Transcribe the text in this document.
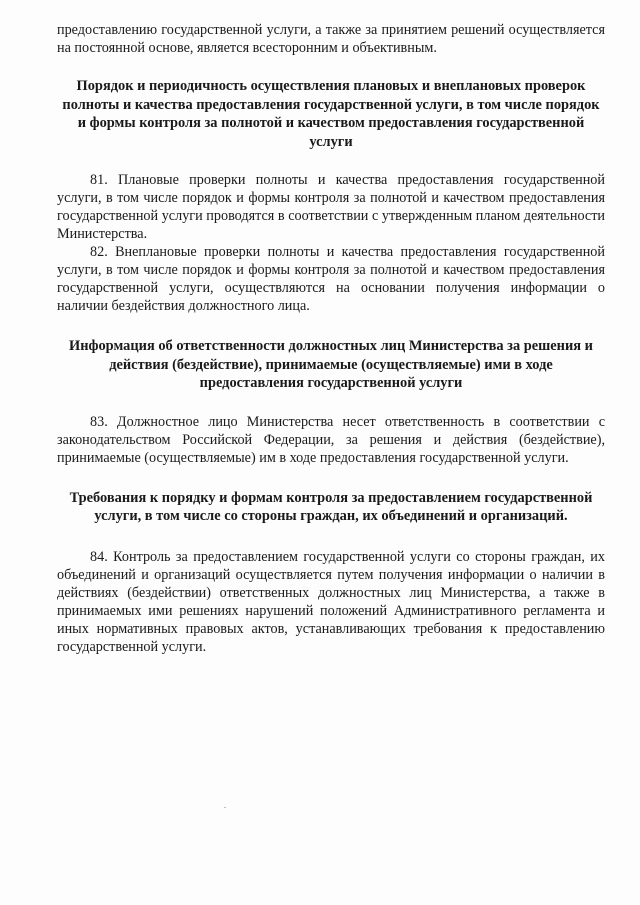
предоставлению государственной услуги, а также за принятием решений осуществляется на постоянной основе, является всесторонним и объективным.

Порядок и периодичность осуществления плановых и внеплановых проверок полноты и качества предоставления государственной услуги, в том числе порядок и формы контроля за полнотой и качеством предоставления государственной услуги

81. Плановые проверки полноты и качества предоставления государственной услуги, в том числе порядок и формы контроля за полнотой и качеством предоставления государственной услуги проводятся в соответствии с утвержденным планом деятельности Министерства.

82. Внеплановые проверки полноты и качества предоставления государственной услуги, в том числе порядок и формы контроля за полнотой и качеством предоставления государственной услуги, осуществляются на основании получения информации о наличии бездействия должностного лица.

Информация об ответственности должностных лиц Министерства за решения и действия (бездействие), принимаемые (осуществляемые) ими в ходе предоставления государственной услуги

83. Должностное лицо Министерства несет ответственность в соответствии с законодательством Российской Федерации, за решения и действия (бездействие), принимаемые (осуществляемые) им в ходе предоставления государственной услуги.

Требования к порядку и формам контроля за предоставлением государственной услуги, в том числе со стороны граждан, их объединений и организаций.

84. Контроль за предоставлением государственной услуги со стороны граждан, их объединений и организаций осуществляется путем получения информации о наличии в действиях (бездействии) ответственных должностных лиц Министерства, а также в принимаемых ими решениях нарушений положений Административного регламента и иных нормативных правовых актов, устанавливающих требования к предоставлению государственной услуги.
